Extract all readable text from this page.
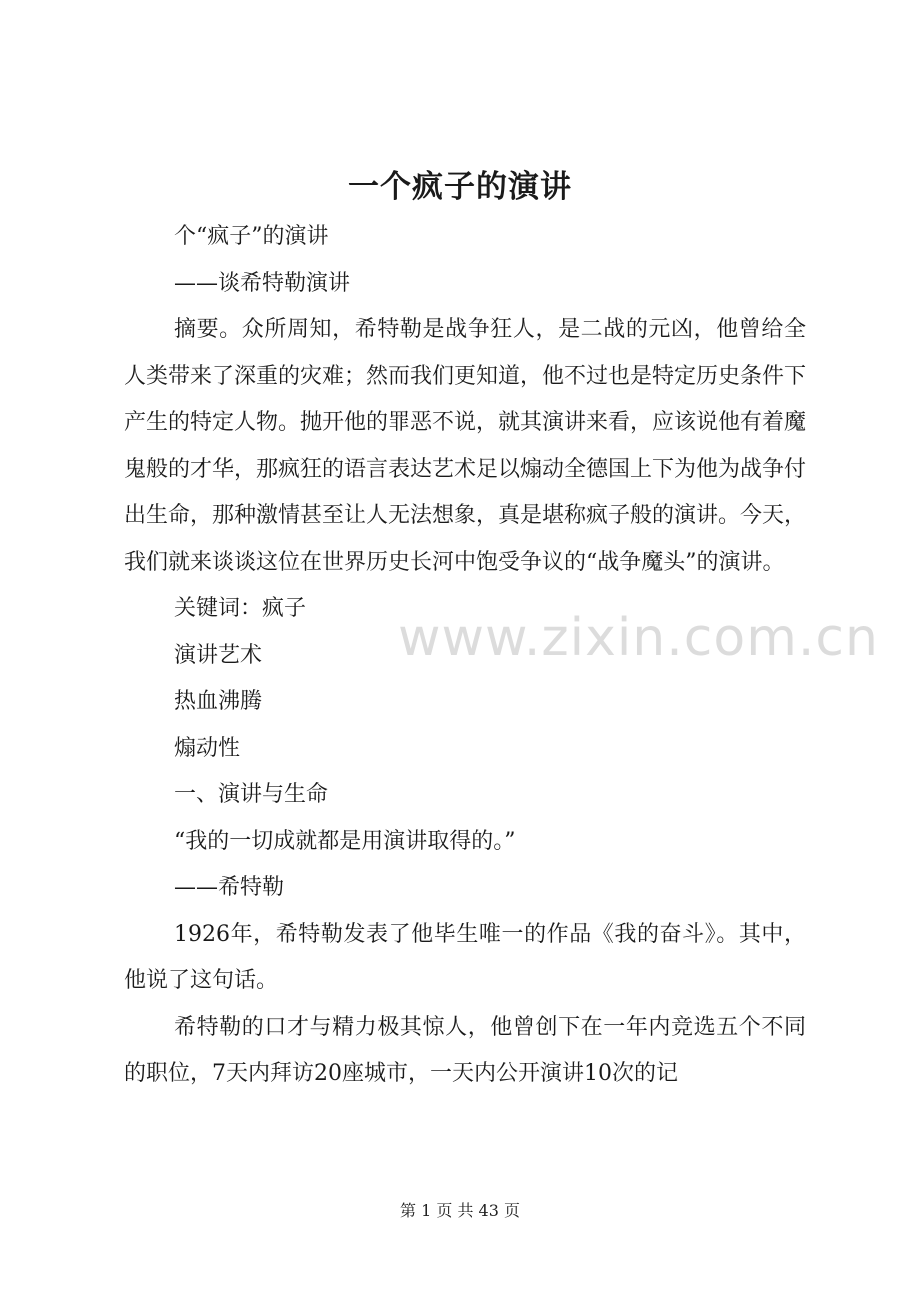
一个疯子的演讲

个“疯子”的演讲

——谈希特勒演讲

摘要。众所周知，希特勒是战争狂人，是二战的元凶，他曾给全人类带来了深重的灾难；然而我们更知道，他不过也是特定历史条件下产生的特定人物。抛开他的罪恶不说，就其演讲来看，应该说他有着魔鬼般的才华，那疯狂的语言表达艺术足以煽动全德国上下为他为战争付出生命，那种激情甚至让人无法想象，真是堪称疯子般的演讲。今天，我们就来谈谈这位在世界历史长河中饱受争议的“战争魔头”的演讲。

关键词：疯子

演讲艺术

热血沸腾

煽动性

一、演讲与生命

“我的一切成就都是用演讲取得的。”

——希特勒

1926年，希特勒发表了他毕生唯一的作品《我的奋斗》。其中，他说了这句话。

希特勒的口才与精力极其惊人，他曾创下在一年内竞选五个不同的职位，7天内拜访20座城市，一天内公开演讲10次的记

www.zixin.com.cn
第 1 页 共 43 页
